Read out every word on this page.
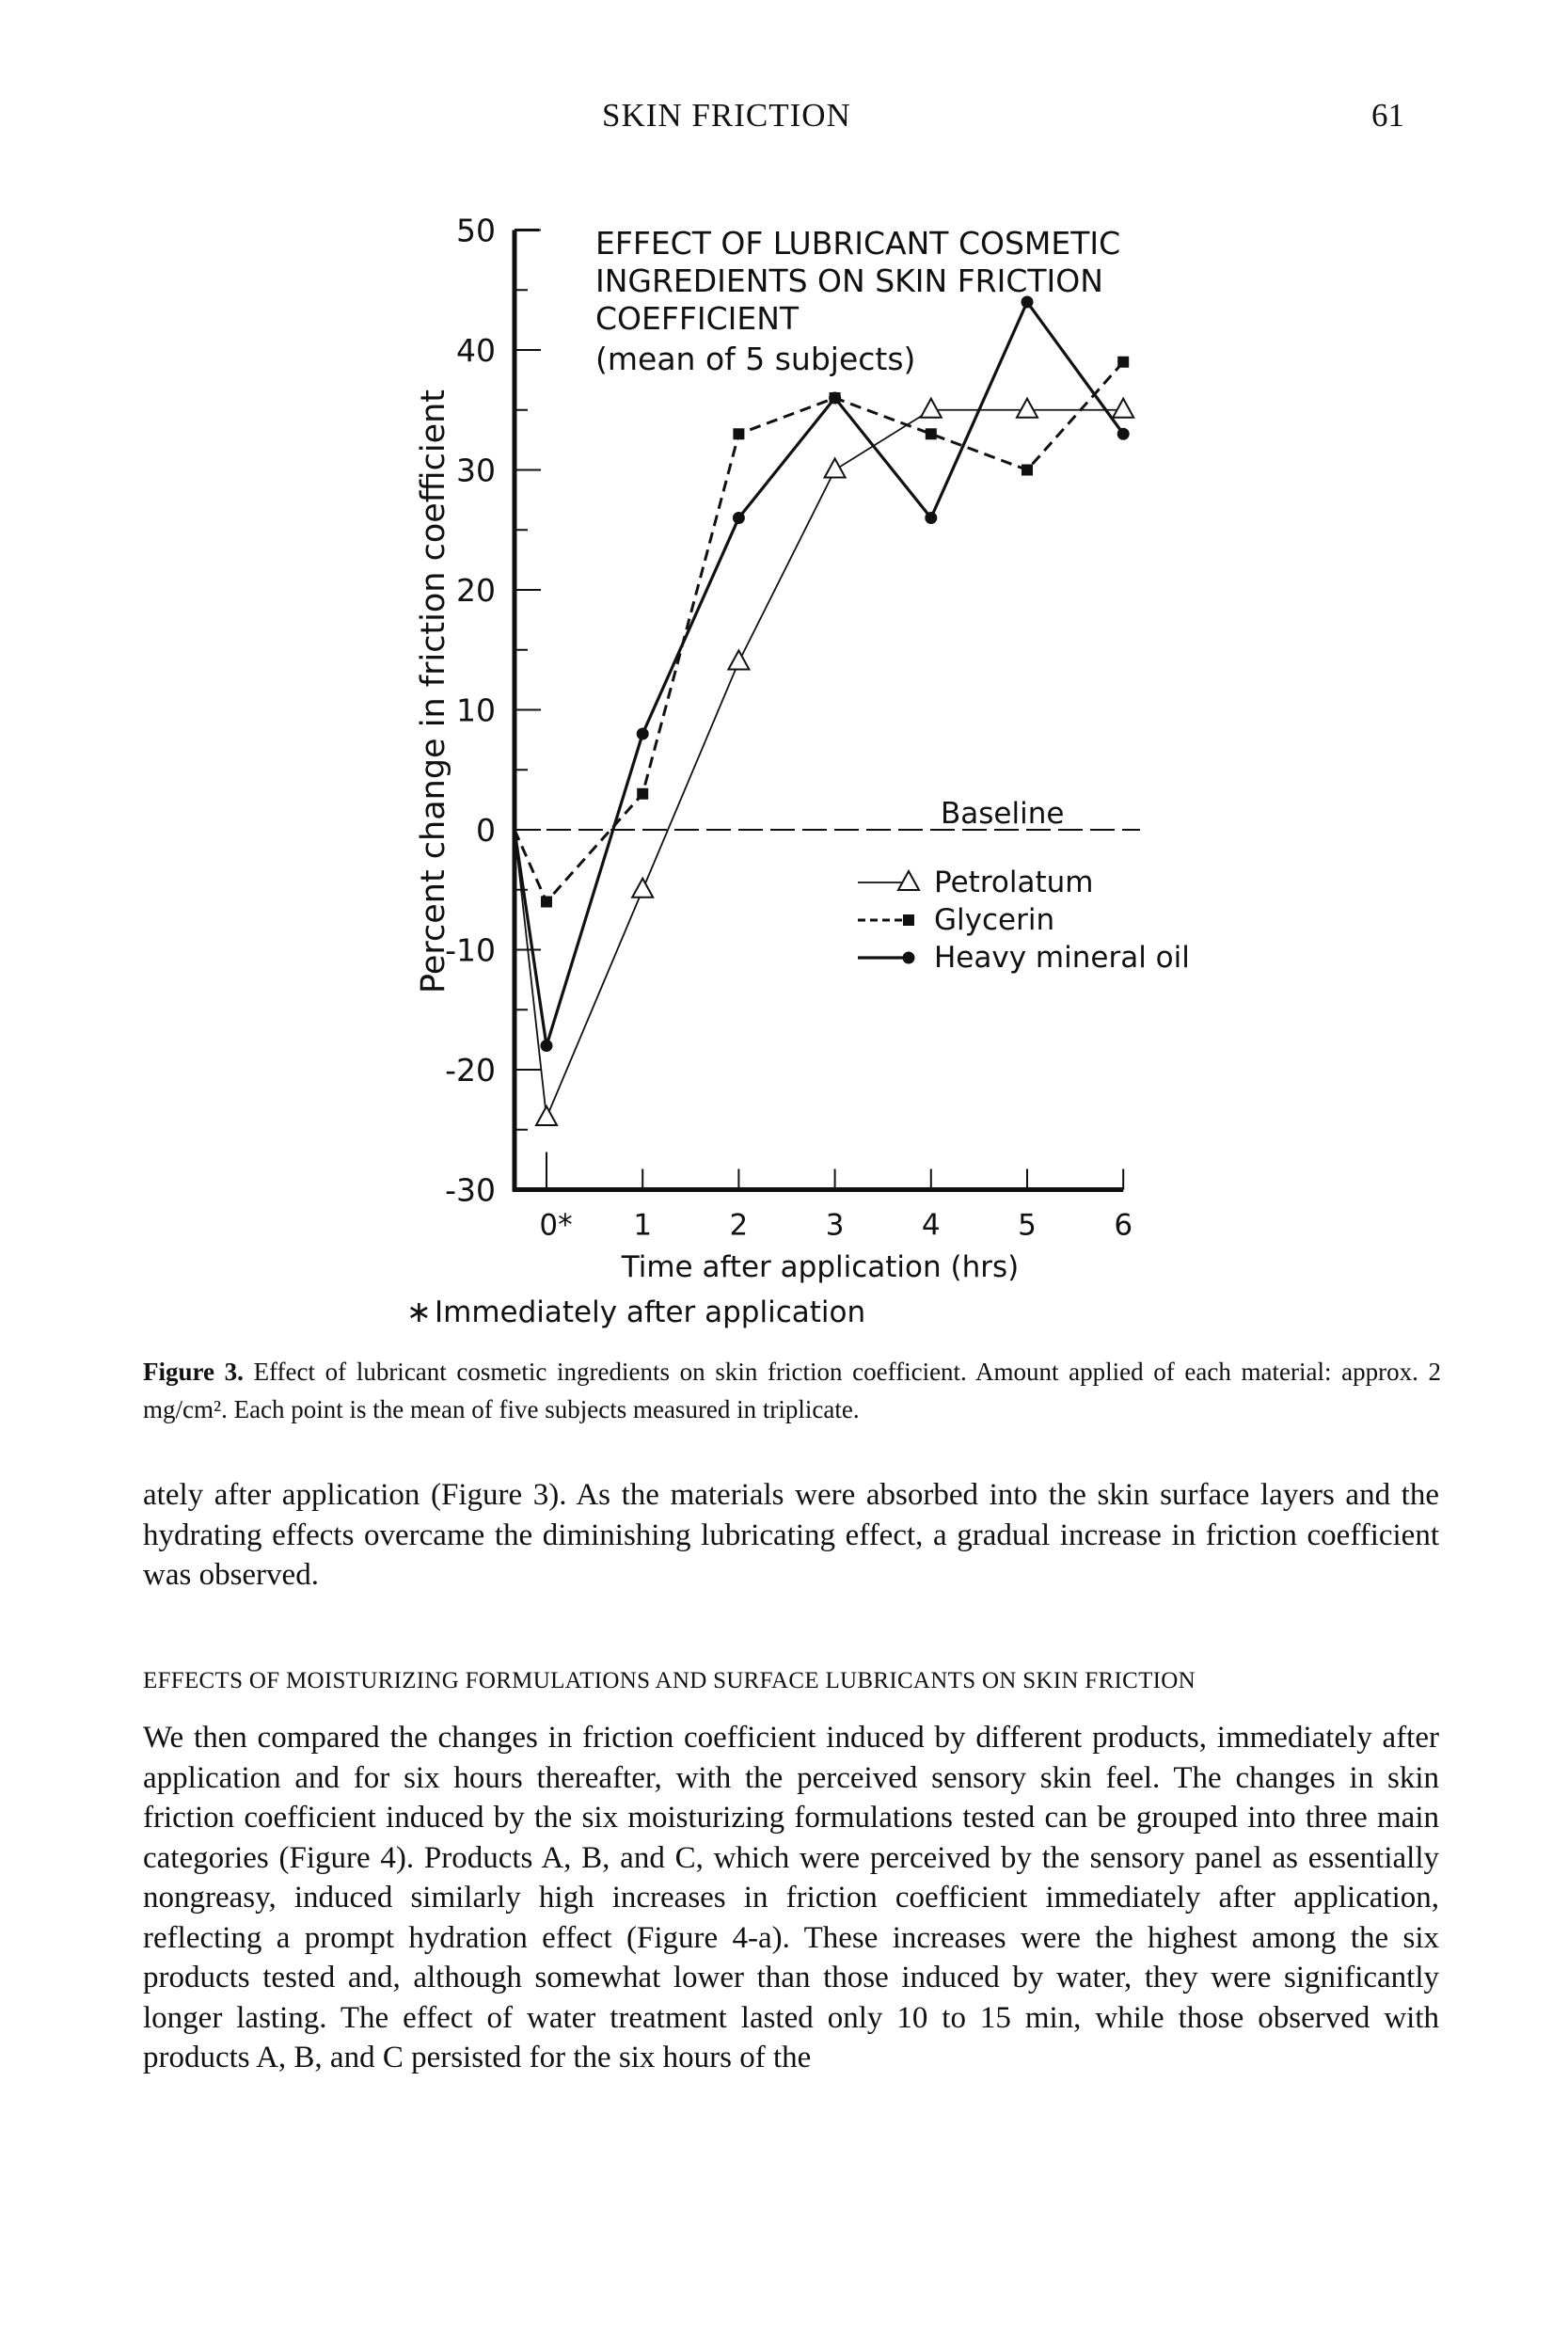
SKIN FRICTION	61
50
40
30
20
10
0
-10
-20
-30
0* 1	2	3	4	5	6
EFFECT OF LUBRICANT COSMETIC
INGREDIENTS ON SKIN FRICTION
COEFFICIENT
(mean of 5 subjects)
Percent change in friction coefficient
Time after application (hrs)
∗ Immediately after application
Baseline
Petrolatum
Glycerin
Heavy mineral oil
Figure 3. Effect of lubricant cosmetic ingredients on skin friction coefficient. Amount applied of each material: approx. 2 mg/cm². Each point is the mean of five subjects measured in triplicate.

ately after application (Figure 3). As the materials were absorbed into the skin surface layers and the hydrating effects overcame the diminishing lubricating effect, a gradual increase in friction coefficient was observed.

EFFECTS OF MOISTURIZING FORMULATIONS AND SURFACE LUBRICANTS ON SKIN FRICTION

We then compared the changes in friction coefficient induced by different products, immediately after application and for six hours thereafter, with the perceived sensory skin feel. The changes in skin friction coefficient induced by the six moisturizing formulations tested can be grouped into three main categories (Figure 4). Products A, B, and C, which were perceived by the sensory panel as essentially nongreasy, induced similarly high increases in friction coefficient immediately after application, reflecting a prompt hydration effect (Figure 4-a). These increases were the highest among the six products tested and, although somewhat lower than those induced by water, they were significantly longer lasting. The effect of water treatment lasted only 10 to 15 min, while those observed with products A, B, and C persisted for the six hours of the
